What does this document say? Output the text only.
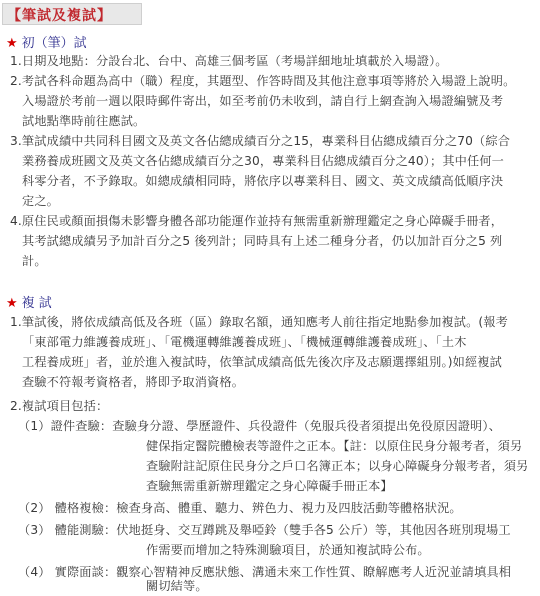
【筆試及複試】
★ 初（筆）試
1.日期及地點：分設台北、台中、高雄三個考區（考場詳細地址填載於入場證）。
2.考試各科命題為高中（職）程度，其題型、作答時間及其他注意事項等將於入場證上說明。
入場證於考前一週以限時郵件寄出，如至考前仍未收到，請自行上網查詢入場證編號及考
試地點準時前往應試。
3.筆試成績中共同科目國文及英文各佔總成績百分之15，專業科目佔總成績百分之70（綜合
業務養成班國文及英文各佔總成績百分之30，專業科目佔總成績百分之40）；其中任何一
科零分者，不予錄取。如總成績相同時，將依序以專業科目、國文、英文成績高低順序決
定之。
4.原住民或顏面損傷未影響身體各部功能運作並持有無需重新辦理鑑定之身心障礙手冊者，
其考試總成績另予加計百分之5 後列計；同時具有上述二種身分者，仍以加計百分之5 列
計。
★ 複 試
1.筆試後，將依成績高低及各班（區）錄取名額，通知應考人前往指定地點參加複試。(報考
「東部電力維護養成班」、「電機運轉維護養成班」、「機械運轉維護養成班」、「土木
工程養成班」者，並於進入複試時，依筆試成績高低先後次序及志願選擇組別。)如經複試
查驗不符報考資格者，將即予取消資格。
2.複試項目包括：
（1）證件查驗：查驗身分證、學歷證件、兵役證件（免服兵役者須提出免役原因證明）、
健保指定醫院體檢表等證件之正本。【註：以原住民身分報考者，須另
查驗附註記原住民身分之戶口名簿正本；以身心障礙身分報考者，須另
查驗無需重新辦理鑑定之身心障礙手冊正本】
（2） 體格複檢：檢查身高、體重、聽力、辨色力、視力及四肢活動等體格狀況。
（3） 體能測驗：伏地挺身、交互蹲跳及舉啞鈴（雙手各5 公斤）等，其他因各班別現場工
作需要而增加之特殊測驗項目，於通知複試時公布。
（4） 實際面談：觀察心智精神反應狀態、溝通未來工作性質、瞭解應考人近況並請填具相
關切結等。
